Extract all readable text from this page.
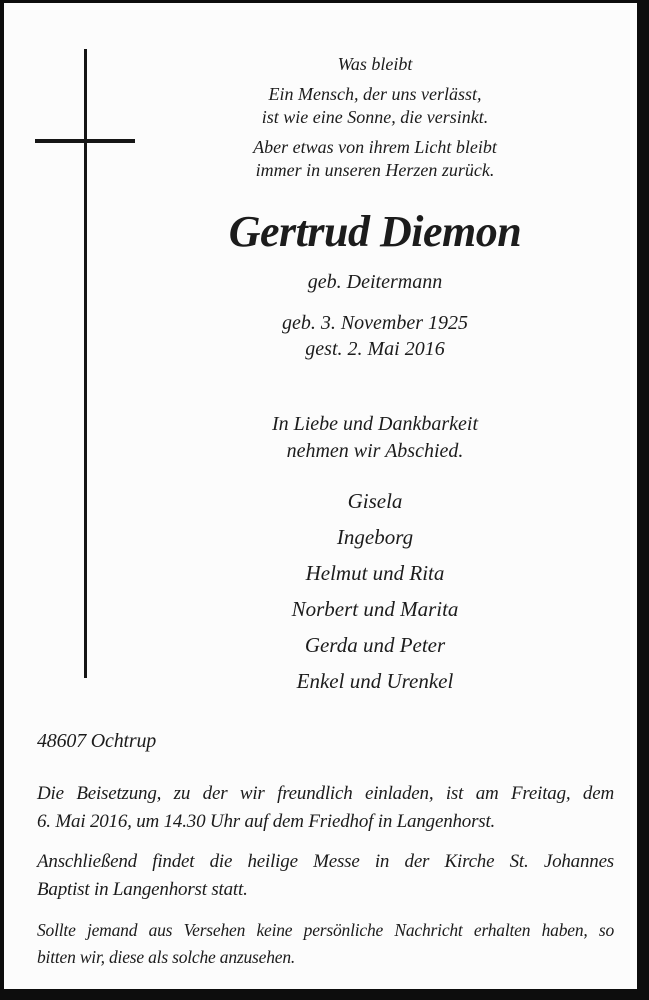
Was bleibt
Ein Mensch, der uns verlässt,
ist wie eine Sonne, die versinkt.
Aber etwas von ihrem Licht bleibt
immer in unseren Herzen zurück.
Gertrud Diemon
geb. Deitermann
geb. 3. November 1925
gest. 2. Mai 2016
In Liebe und Dankbarkeit
nehmen wir Abschied.
Gisela
Ingeborg
Helmut und Rita
Norbert und Marita
Gerda und Peter
Enkel und Urenkel
48607 Ochtrup
Die Beisetzung, zu der wir freundlich einladen, ist am Freitag, dem
6. Mai 2016, um 14.30 Uhr auf dem Friedhof in Langenhorst.
Anschließend findet die heilige Messe in der Kirche St. Johannes
Baptist in Langenhorst statt.
Sollte jemand aus Versehen keine persönliche Nachricht erhalten haben, so
bitten wir, diese als solche anzusehen.
